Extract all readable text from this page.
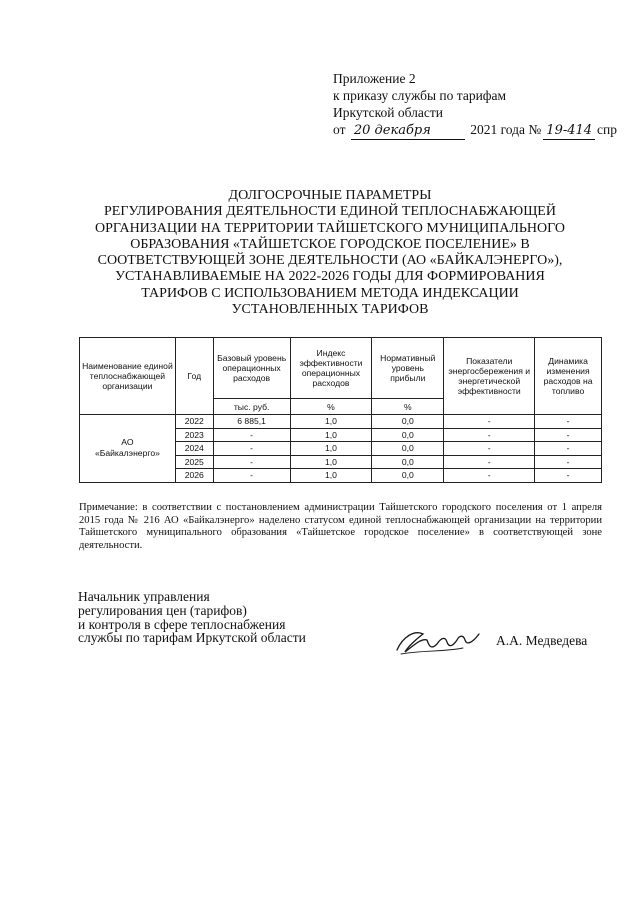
Приложение 2
к приказу службы по тарифам
Иркутской области
от 20 декабря	2021 года № 19-414 спр
ДОЛГОСРОЧНЫЕ ПАРАМЕТРЫ
РЕГУЛИРОВАНИЯ ДЕЯТЕЛЬНОСТИ ЕДИНОЙ ТЕПЛОСНАБЖАЮЩЕЙ
ОРГАНИЗАЦИИ НА ТЕРРИТОРИИ ТАЙШЕТСКОГО МУНИЦИПАЛЬНОГО
ОБРАЗОВАНИЯ «ТАЙШЕТСКОЕ ГОРОДСКОЕ ПОСЕЛЕНИЕ» В
СООТВЕТСТВУЮЩЕЙ ЗОНЕ ДЕЯТЕЛЬНОСТИ (АО «БАЙКАЛЭНЕРГО»),
УСТАНАВЛИВАЕМЫЕ НА 2022-2026 ГОДЫ ДЛЯ ФОРМИРОВАНИЯ
ТАРИФОВ С ИСПОЛЬЗОВАНИЕМ МЕТОДА ИНДЕКСАЦИИ
УСТАНОВЛЕННЫХ ТАРИФОВ
Наименование единой теплоснабжающей организации	Год	Базовый уровень операционных расходов	Индекс эффективности операционных расходов	Нормативный уровень прибыли	Показатели энергосбережения и энергетической эффективности	Динамика изменения расходов на топливо
		тыс. руб.	%	%		

АО
«Байкалэнерго»	2022	6 885,1	1,0	0,0	-	-
	2023	-	1,0	0,0	-	-
	2024	-	1,0	0,0	-	-
	2025	-	1,0	0,0	-	-
	2026	-	1,0	0,0	-	-
Примечание: в соответствии с постановлением администрации Тайшетского городского поселения от 1 апреля 2015 года № 216 АО «Байкалэнерго» наделено статусом единой теплоснабжающей организации на территории Тайшетского муниципального образования «Тайшетское городское поселение» в соответствующей зоне деятельности.
Начальник управления
регулирования цен (тарифов)
и контроля в сфере теплоснабжения
службы по тарифам Иркутской области	А.А. Медведева
